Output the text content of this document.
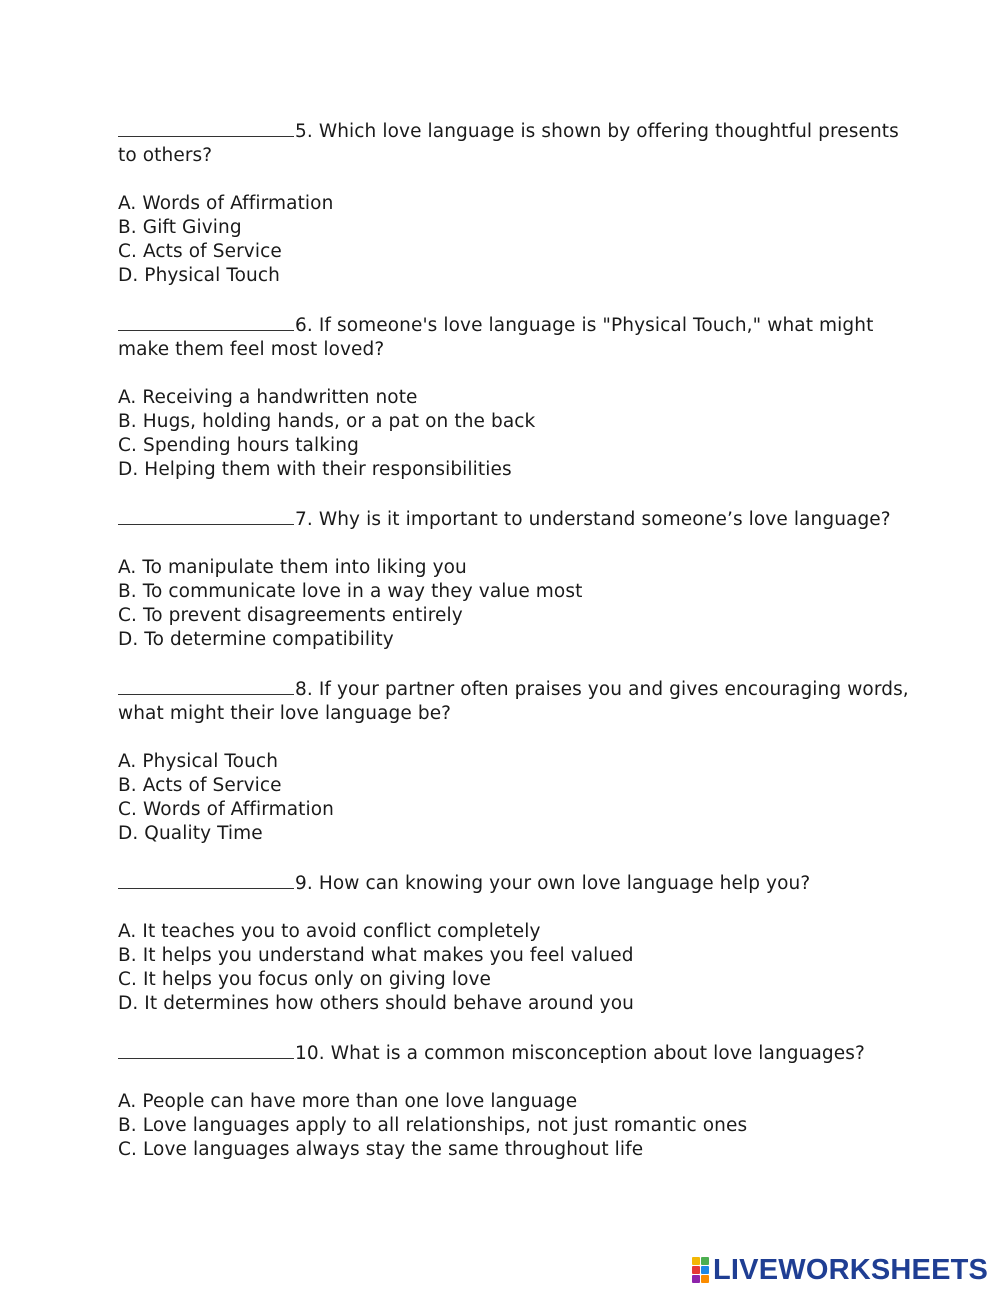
5. Which love language is shown by offering thoughtful presents to others?

A. Words of Affirmation
B. Gift Giving
C. Acts of Service
D. Physical Touch

6. If someone's love language is "Physical Touch," what might make them feel most loved?

A. Receiving a handwritten note
B. Hugs, holding hands, or a pat on the back
C. Spending hours talking
D. Helping them with their responsibilities

7. Why is it important to understand someone’s love language?

A. To manipulate them into liking you
B. To communicate love in a way they value most
C. To prevent disagreements entirely
D. To determine compatibility

8. If your partner often praises you and gives encouraging words, what might their love language be?

A. Physical Touch
B. Acts of Service
C. Words of Affirmation
D. Quality Time

9. How can knowing your own love language help you?

A. It teaches you to avoid conflict completely
B. It helps you understand what makes you feel valued
C. It helps you focus only on giving love
D. It determines how others should behave around you

10. What is a common misconception about love languages?

A. People can have more than one love language
B. Love languages apply to all relationships, not just romantic ones
C. Love languages always stay the same throughout life
LIVEWORKSHEETS
